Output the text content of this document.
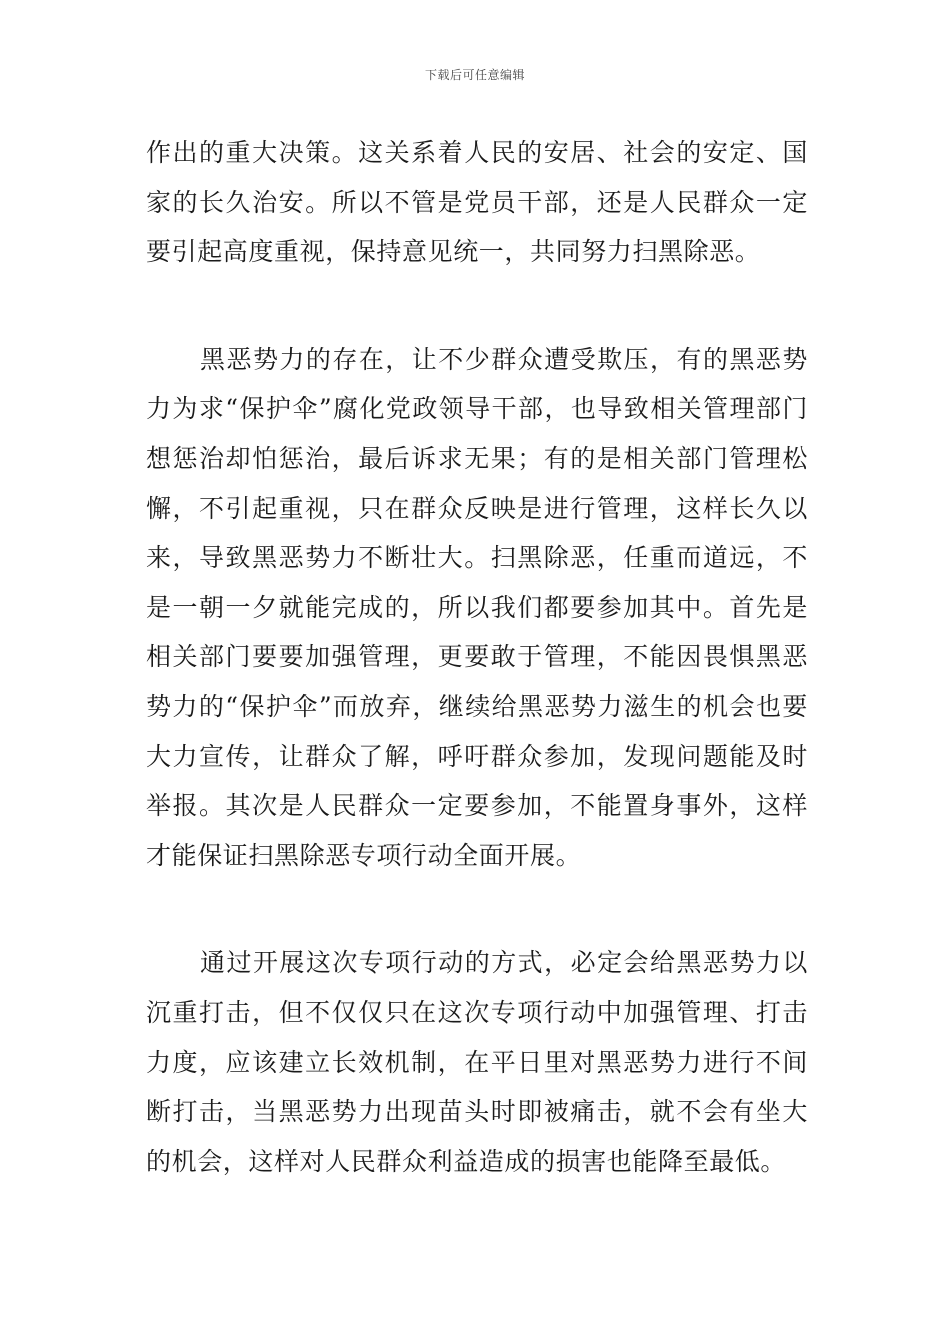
下载后可任意编辑

作出的重大决策。这关系着人民的安居、社会的安定、国家的长久治安。所以不管是党员干部，还是人民群众一定要引起高度重视，保持意见统一，共同努力扫黑除恶。

黑恶势力的存在，让不少群众遭受欺压，有的黑恶势力为求“保护伞”腐化党政领导干部，也导致相关管理部门想惩治却怕惩治，最后诉求无果；有的是相关部门管理松懈，不引起重视，只在群众反映是进行管理，这样长久以来，导致黑恶势力不断壮大。扫黑除恶，任重而道远，不是一朝一夕就能完成的，所以我们都要参加其中。首先是相关部门要要加强管理，更要敢于管理，不能因畏惧黑恶势力的“保护伞”而放弃，继续给黑恶势力滋生的机会也要大力宣传，让群众了解，呼吁群众参加，发现问题能及时举报。其次是人民群众一定要参加，不能置身事外，这样才能保证扫黑除恶专项行动全面开展。

通过开展这次专项行动的方式，必定会给黑恶势力以沉重打击，但不仅仅只在这次专项行动中加强管理、打击力度，应该建立长效机制，在平日里对黑恶势力进行不间断打击，当黑恶势力出现苗头时即被痛击，就不会有坐大的机会，这样对人民群众利益造成的损害也能降至最低。
